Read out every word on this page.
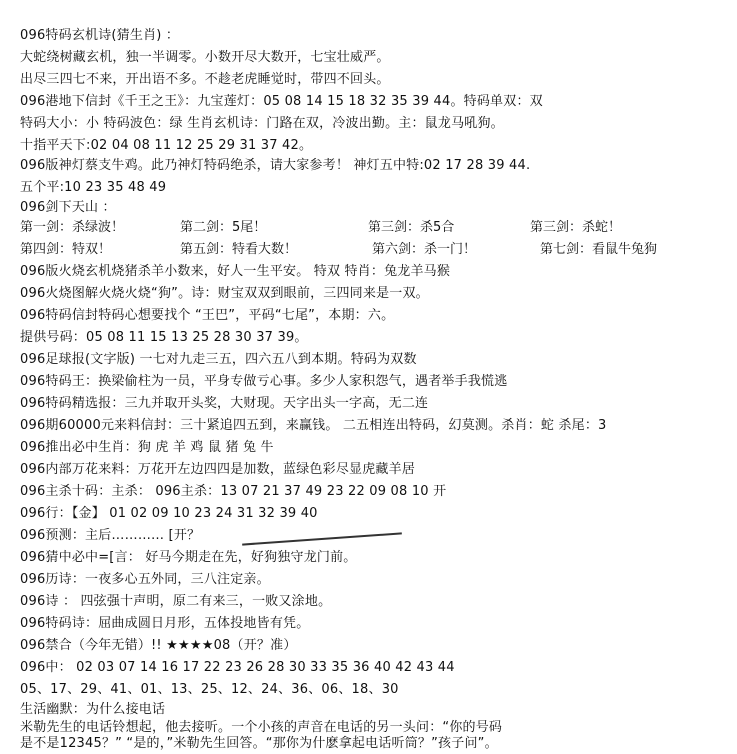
096特码玄机诗(猜生肖) ：
大蛇绕树藏玄机，独一半调零。小数开尽大数开，七宝壮威严。
出尽三四七不来，开出语不多。不趁老虎睡觉时，带四不回头。
096港地下信封《千王之王》：九宝莲灯：05 08 14 15 18 32 35 39 44。特码单双：双
特码大小：小 特码波色：绿 生肖玄机诗：门路在双，冷波出勤。主：鼠龙马吼狗。
十指平天下:02 04 08 11 12 25 29 31 37 42。
096版神灯蔡支牛鸡。此乃神灯特码绝杀，请大家参考！ 神灯五中特:02 17 28 39 44.
五个平:10 23 35 48 49
096剑下天山 ：
第一剑：杀绿波！	第二剑：5尾！	第三剑：杀5合	第三剑：杀蛇！
第四剑：特双！	第五剑：特看大数！	第六剑：杀一门！	第七剑：看鼠牛兔狗
096版火烧玄机烧猪杀羊小数来，好人一生平安。 特双 特肖：兔龙羊马猴
096火烧图解火烧火烧“狗”。诗：财宝双双到眼前，三四同来是一双。
096特码信封特码心想要找个 “王巴”，平码“七尾”，本期：六。
提供号码：05 08 11 15 13 25 28 30 37 39。
096足球报(文字版) 一七对九走三五，四六五八到本期。特码为双数
096特码王：换梁偷柱为一员，平身专做亏心事。多少人家积怨气，遇者举手我慌逃
096特码精选报：三九并取开头奖，大财现。天字出头一字高，无二连
096期60000元来料信封：三十紧追四五到，来赢钱。 二五相连出特码，幻莫测。杀肖：蛇 杀尾：3
096推出必中生肖：狗 虎 羊 鸡 鼠 猪 兔 牛
096内部万花来料：万花开左边四四是加数，蓝绿色彩尽显虎藏羊居
096主杀十码：主杀： 096主杀：13 07 21 37 49 23 22 09 08 10 开
096行：【金】 01 02 09 10 23 24 31 32 39 40
096预测：主后………… [开？
096猜中必中=[言： 好马今期走在先，好狗独守龙门前。
096历诗：一夜多心五外同，三八注定亲。
096诗 ： 四弦强十声明，原二有来三，一败又涂地。
096特码诗：屈曲成圆日月形，五体投地皆有凭。
096禁合（今年无错）!! ★★★★08（开？准）
096中： 02 03 07 14 16 17 22 23 26 28 30 33 35 36 40 42 43 44
05、17、29、41、01、13、25、12、24、36、06、18、30
生活幽默：为什么接电话
米勒先生的电话铃想起，他去接听。一个小孩的声音在电话的另一头问：“你的号码
是不是12345？” “是的，”米勒先生回答。“那你为什麽拿起电话听筒？”孩子问”。
